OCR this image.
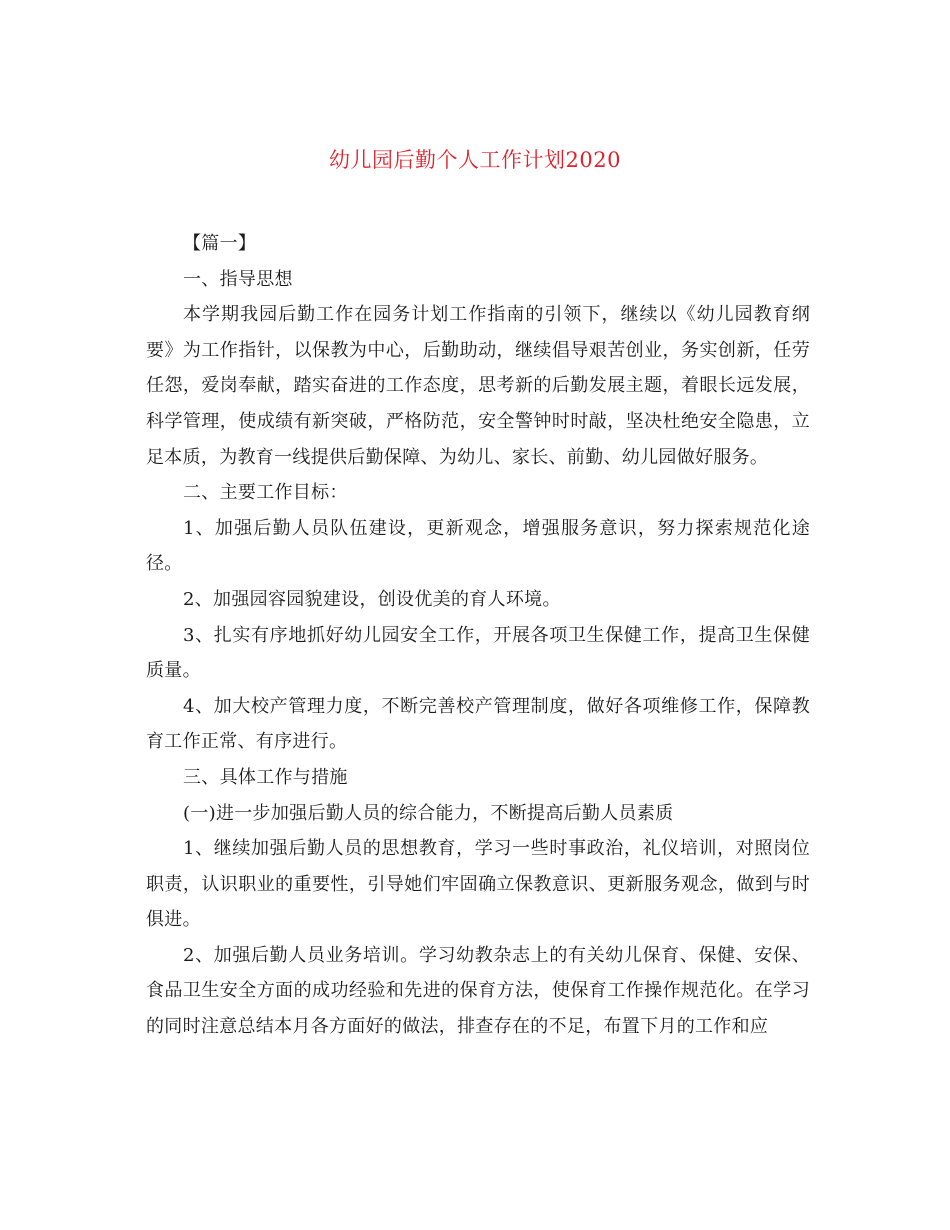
幼儿园后勤个人工作计划2020

【篇一】

一、指导思想

本学期我园后勤工作在园务计划工作指南的引领下，继续以《幼儿园教育纲要》为工作指针，以保教为中心，后勤助动，继续倡导艰苦创业，务实创新，任劳任怨，爱岗奉献，踏实奋进的工作态度，思考新的后勤发展主题，着眼长远发展，科学管理，使成绩有新突破，严格防范，安全警钟时时敲，坚决杜绝安全隐患，立足本质，为教育一线提供后勤保障、为幼儿、家长、前勤、幼儿园做好服务。

二、主要工作目标：

1、加强后勤人员队伍建设，更新观念，增强服务意识，努力探索规范化途径。

2、加强园容园貌建设，创设优美的育人环境。

3、扎实有序地抓好幼儿园安全工作，开展各项卫生保健工作，提高卫生保健质量。

4、加大校产管理力度，不断完善校产管理制度，做好各项维修工作，保障教育工作正常、有序进行。

三、具体工作与措施

(一)进一步加强后勤人员的综合能力，不断提高后勤人员素质

1、继续加强后勤人员的思想教育，学习一些时事政治，礼仪培训，对照岗位职责，认识职业的重要性，引导她们牢固确立保教意识、更新服务观念，做到与时俱进。

2、加强后勤人员业务培训。学习幼教杂志上的有关幼儿保育、保健、安保、食品卫生安全方面的成功经验和先进的保育方法，使保育工作操作规范化。在学习的同时注意总结本月各方面好的做法，排查存在的不足，布置下月的工作和应
